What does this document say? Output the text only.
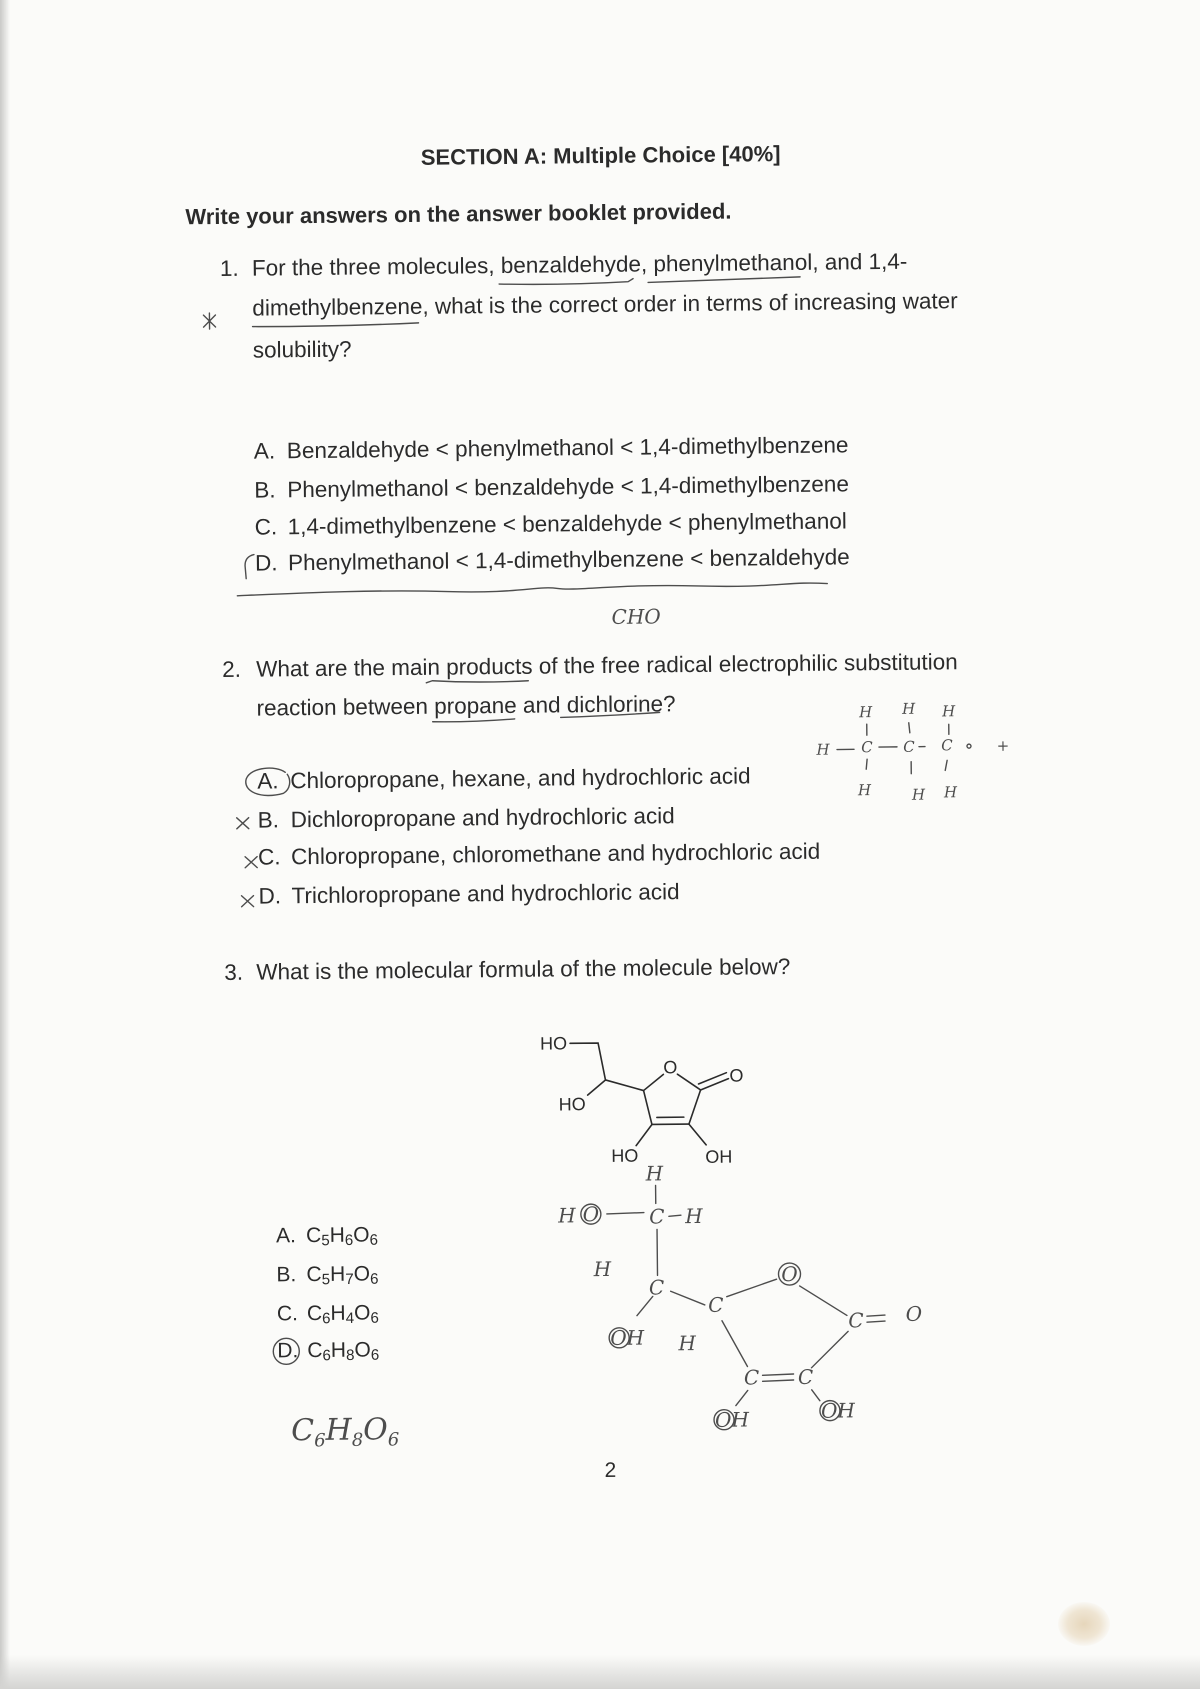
SECTION A: Multiple Choice [40%]
Write your answers on the answer booklet provided.
1. For the three molecules, benzaldehyde, phenylmethanol, and 1,4-
dimethylbenzene, what is the correct order in terms of increasing water
solubility?
A. Benzaldehyde < phenylmethanol < 1,4-dimethylbenzene
B. Phenylmethanol < benzaldehyde < 1,4-dimethylbenzene
C. 1,4-dimethylbenzene < benzaldehyde < phenylmethanol
D. Phenylmethanol < 1,4-dimethylbenzene < benzaldehyde
2. What are the main products of the free radical electrophilic substitution
reaction between propane and dichlorine?
A. Chloropropane, hexane, and hydrochloric acid
B. Dichloropropane and hydrochloric acid
C. Chloropropane, chloromethane and hydrochloric acid
D. Trichloropropane and hydrochloric acid
3. What is the molecular formula of the molecule below?
A. $C_5H_6O_6$
B. $C_5H_7O_6$
C. $C_6H_4O_6$
D. $C_6H_8O_6$
2
$C_6H_8O_6$
HO
HO
O	O
HO	OH
CHO
H H H
H C C C	+
H	H H
H
H O C H
H
C
OH
C
H
O
C O
C C
OH	OH
